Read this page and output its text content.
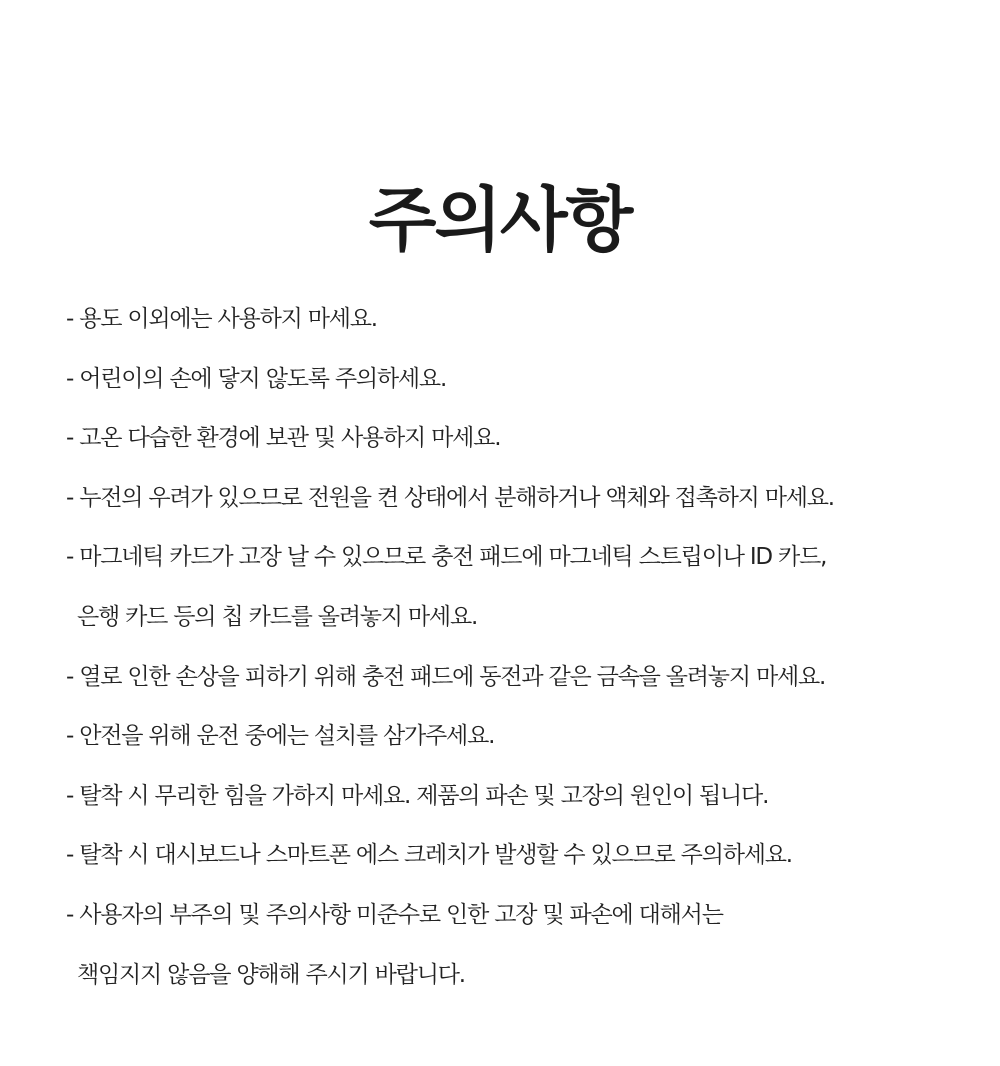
주의사항
- 용도 이외에는 사용하지 마세요.
- 어린이의 손에 닿지 않도록 주의하세요.
- 고온 다습한 환경에 보관 및 사용하지 마세요.
- 누전의 우려가 있으므로 전원을 켠 상태에서 분해하거나 액체와 접촉하지 마세요.
- 마그네틱 카드가 고장 날 수 있으므로 충전 패드에 마그네틱 스트립이나 ID 카드,
은행 카드 등의 칩 카드를 올려놓지 마세요.
- 열로 인한 손상을 피하기 위해 충전 패드에 동전과 같은 금속을 올려놓지 마세요.
- 안전을 위해 운전 중에는 설치를 삼가주세요.
- 탈착 시 무리한 힘을 가하지 마세요. 제품의 파손 및 고장의 원인이 됩니다.
- 탈착 시 대시보드나 스마트폰 에스 크레치가 발생할 수 있으므로 주의하세요.
- 사용자의 부주의 및 주의사항 미준수로 인한 고장 및 파손에 대해서는
책임지지 않음을 양해해 주시기 바랍니다.
